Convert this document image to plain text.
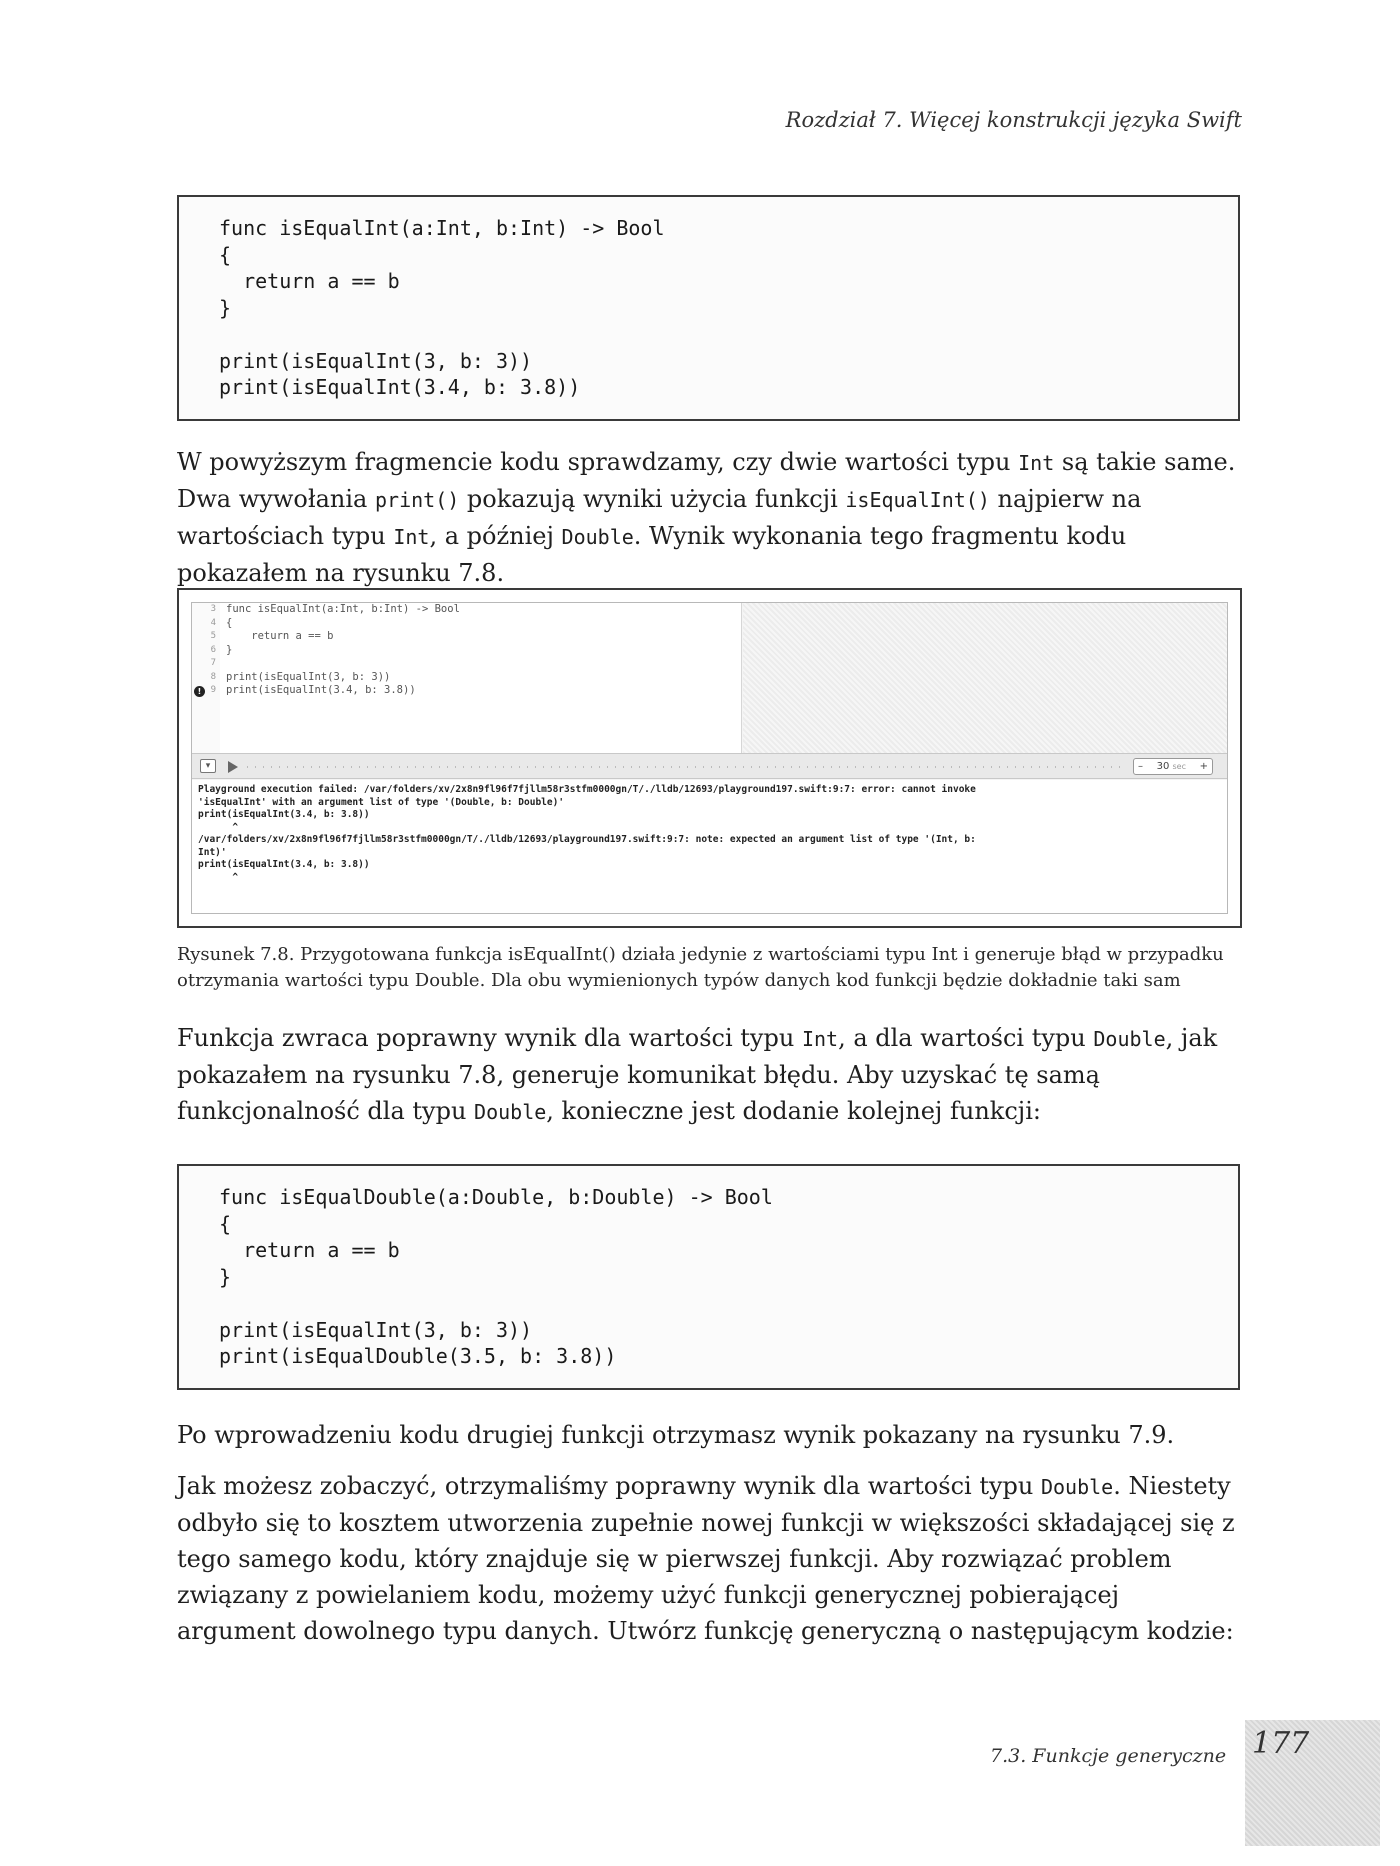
Rozdział 7. Więcej konstrukcji języka Swift
func isEqualInt(a:Int, b:Int) -> Bool
{
return a == b
}

print(isEqualInt(3, b: 3))
print(isEqualInt(3.4, b: 3.8))

W powyższym fragmencie kodu sprawdzamy, czy dwie wartości typu Int są takie same. Dwa wywołania print() pokazują wyniki użycia funkcji isEqualInt() najpierw na wartościach typu Int, a później Double. Wynik wykonania tego fragmentu kodu pokazałem na rysunku 7.8.

3
4
5
6
7
8
9
!
func isEqualInt(a:Int, b:Int) -> Bool
{
return a == b
}

print(isEqualInt(3, b: 3))
print(isEqualInt(3.4, b: 3.8))
▾	– 30 sec +
Playground execution failed: /var/folders/xv/2x8n9fl96f7fjllm58r3stfm0000gn/T/./lldb/12693/playground197.swift:9:7: error: cannot invoke
'isEqualInt' with an argument list of type '(Double, b: Double)'
print(isEqualInt(3.4, b: 3.8))
^
/var/folders/xv/2x8n9fl96f7fjllm58r3stfm0000gn/T/./lldb/12693/playground197.swift:9:7: note: expected an argument list of type '(Int, b:
Int)'
print(isEqualInt(3.4, b: 3.8))
^
Rysunek 7.8. Przygotowana funkcja isEqualInt() działa jedynie z wartościami typu Int i generuje błąd w przypadku otrzymania wartości typu Double. Dla obu wymienionych typów danych kod funkcji będzie dokładnie taki sam

Funkcja zwraca poprawny wynik dla wartości typu Int, a dla wartości typu Double, jak pokazałem na rysunku 7.8, generuje komunikat błędu. Aby uzyskać tę samą funkcjonalność dla typu Double, konieczne jest dodanie kolejnej funkcji:

func isEqualDouble(a:Double, b:Double) -> Bool
{
return a == b
}

print(isEqualInt(3, b: 3))
print(isEqualDouble(3.5, b: 3.8))

Po wprowadzeniu kodu drugiej funkcji otrzymasz wynik pokazany na rysunku 7.9.

Jak możesz zobaczyć, otrzymaliśmy poprawny wynik dla wartości typu Double. Niestety odbyło się to kosztem utworzenia zupełnie nowej funkcji w większości składającej się z tego samego kodu, który znajduje się w pierwszej funkcji. Aby rozwiązać problem związany z powielaniem kodu, możemy użyć funkcji generycznej pobierającej argument dowolnego typu danych. Utwórz funkcję generyczną o następującym kodzie:

7.3. Funkcje generyczne 177
